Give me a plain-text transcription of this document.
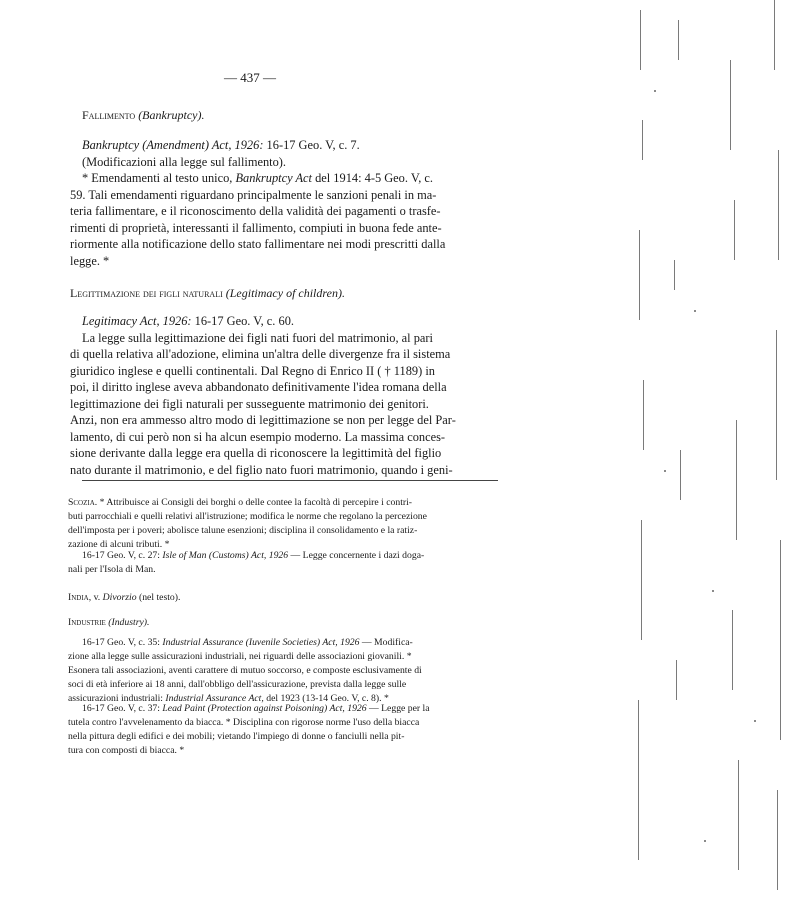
— 437 —
Fallimento (Bankruptcy).
Bankruptcy (Amendment) Act, 1926: 16-17 Geo. V, c. 7.
(Modificazioni alla legge sul fallimento).
* Emendamenti al testo unico, Bankruptcy Act del 1914: 4-5 Geo. V, c.
59. Tali emendamenti riguardano principalmente le sanzioni penali in ma-
teria fallimentare, e il riconoscimento della validità dei pagamenti o trasfe-
rimenti di proprietà, interessanti il fallimento, compiuti in buona fede ante-
riormente alla notificazione dello stato fallimentare nei modi prescritti dalla
legge. *
Legittimazione dei figli naturali (Legitimacy of children).
Legitimacy Act, 1926: 16-17 Geo. V, c. 60.
La legge sulla legittimazione dei figli nati fuori del matrimonio, al pari
di quella relativa all'adozione, elimina un'altra delle divergenze fra il sistema
giuridico inglese e quelli continentali. Dal Regno di Enrico II ( † 1189) in
poi, il diritto inglese aveva abbandonato definitivamente l'idea romana della
legittimazione dei figli naturali per susseguente matrimonio dei genitori.
Anzi, non era ammesso altro modo di legittimazione se non per legge del Par-
lamento, di cui però non si ha alcun esempio moderno. La massima conces-
sione derivante dalla legge era quella di riconoscere la legittimità del figlio
nato durante il matrimonio, e del figlio nato fuori matrimonio, quando i geni-
Scozia. * Attribuisce ai Consigli dei borghi o delle contee la facoltà di percepire i contri-
buti parrocchiali e quelli relativi all'istruzione; modifica le norme che regolano la percezione
dell'imposta per i poveri; abolisce talune esenzioni; disciplina il consolidamento e la ratiz-
zazione di alcuni tributi. *
16-17 Geo. V, c. 27: Isle of Man (Customs) Act, 1926 — Legge concernente i dazi doga-
nali per l'Isola di Man.
India, v. Divorzio (nel testo).
Industrie (Industry).
16-17 Geo. V, c. 35: Industrial Assurance (Iuvenile Societies) Act, 1926 — Modifica-
zione alla legge sulle assicurazioni industriali, nei riguardi delle associazioni giovanili. *
Esonera tali associazioni, aventi carattere di mutuo soccorso, e composte esclusivamente di
soci di età inferiore ai 18 anni, dall'obbligo dell'assicurazione, prevista dalla legge sulle
assicurazioni industriali: Industrial Assurance Act, del 1923 (13-14 Geo. V, c. 8). *
16-17 Geo. V, c. 37: Lead Paint (Protection against Poisoning) Act, 1926 — Legge per la
tutela contro l'avvelenamento da biacca. * Disciplina con rigorose norme l'uso della biacca
nella pittura degli edifici e dei mobili; vietando l'impiego di donne o fanciulli nella pit-
tura con composti di biacca. *
